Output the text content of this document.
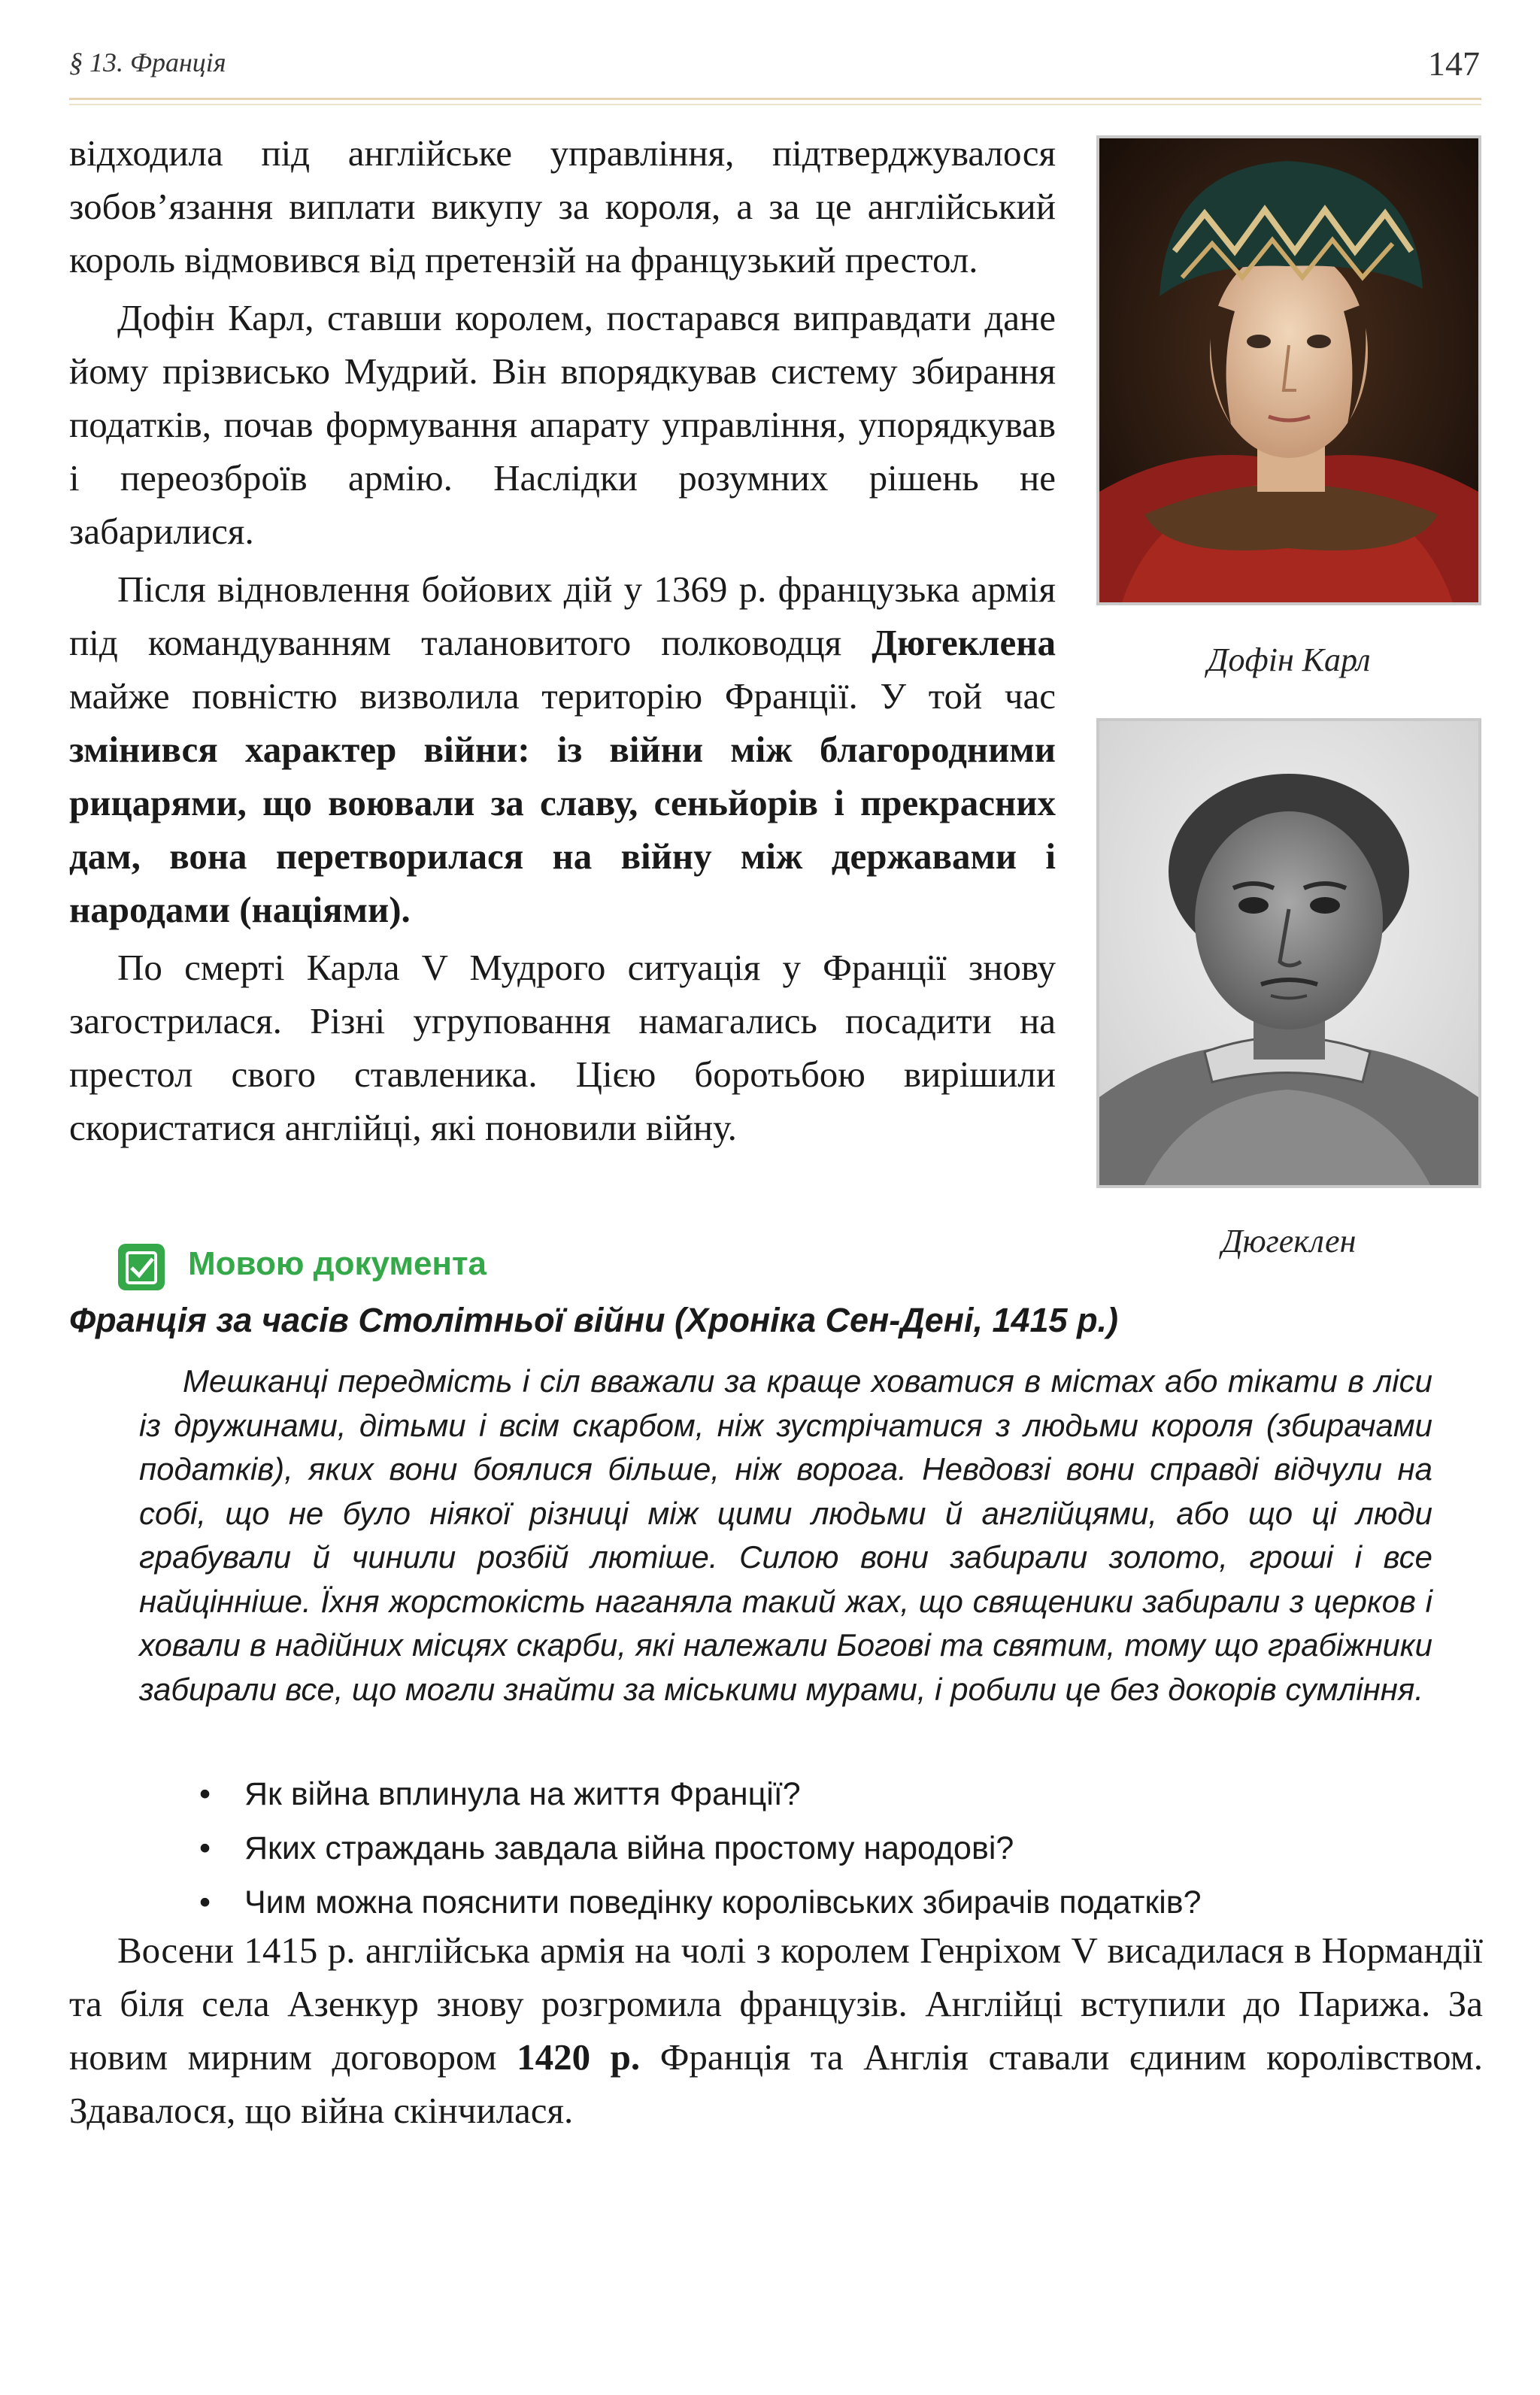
§ 13. Франція	147

відходила під англійське управління, підтверджувалося зобов’язання виплати викупу за короля, а за це англійський король відмовився від претензій на французький престол.

Дофін Карл, ставши королем, постарався виправдати дане йому прізвисько Мудрий. Він впорядкував систему збирання податків, почав формування апарату управління, упорядкував і переозброїв армію. Наслідки розумних рішень не забарилися.

Після відновлення бойових дій у 1369 р. французька армія під командуванням талановитого полководця Дюгеклена майже повністю визволила територію Франції. У той час змінився характер війни: із війни між благородними рицарями, що воювали за славу, сеньйорів і прекрасних дам, вона перетворилася на війну між державами і народами (націями).

По смерті Карла V Мудрого ситуація у Франції знову загострилася. Різні угруповання намагались посадити на престол свого ставленика. Цією боротьбою вирішили скористатися англійці, які поновили війну.

Дофін Карл
Дюгеклен
Мовою документа
Франція за часів Столітньої війни (Хроніка Сен-Дені, 1415 р.)

Мешканці передмість і сіл вважали за краще ховатися в містах або тікати в ліси із дружинами, дітьми і всім скарбом, ніж зустрічатися з людьми короля (збирачами податків), яких вони боялися більше, ніж ворога. Невдовзі вони справді відчули на собі, що не було ніякої різниці між цими людьми й англійцями, або що ці люди грабували й чинили розбій лютіше. Силою вони забирали золото, гроші і все найцінніше. Їхня жорстокість наганяла такий жах, що священики забирали з церков і ховали в надійних місцях скарби, які належали Богові та святим, тому що грабіжники забирали все, що могли знайти за міськими мурами, і робили це без докорів сумління.

• Як війна вплинула на життя Франції?
• Яких страждань завдала війна простому народові?
• Чим можна пояснити поведінку королівських збирачів податків?

Восени 1415 р. англійська армія на чолі з королем Генріхом V висадилася в Нормандії та біля села Азенкур знову розгромила французів. Англійці вступили до Парижа. За новим мирним договором 1420 р. Франція та Англія ставали єдиним королівством. Здавалося, що війна скінчилася.
